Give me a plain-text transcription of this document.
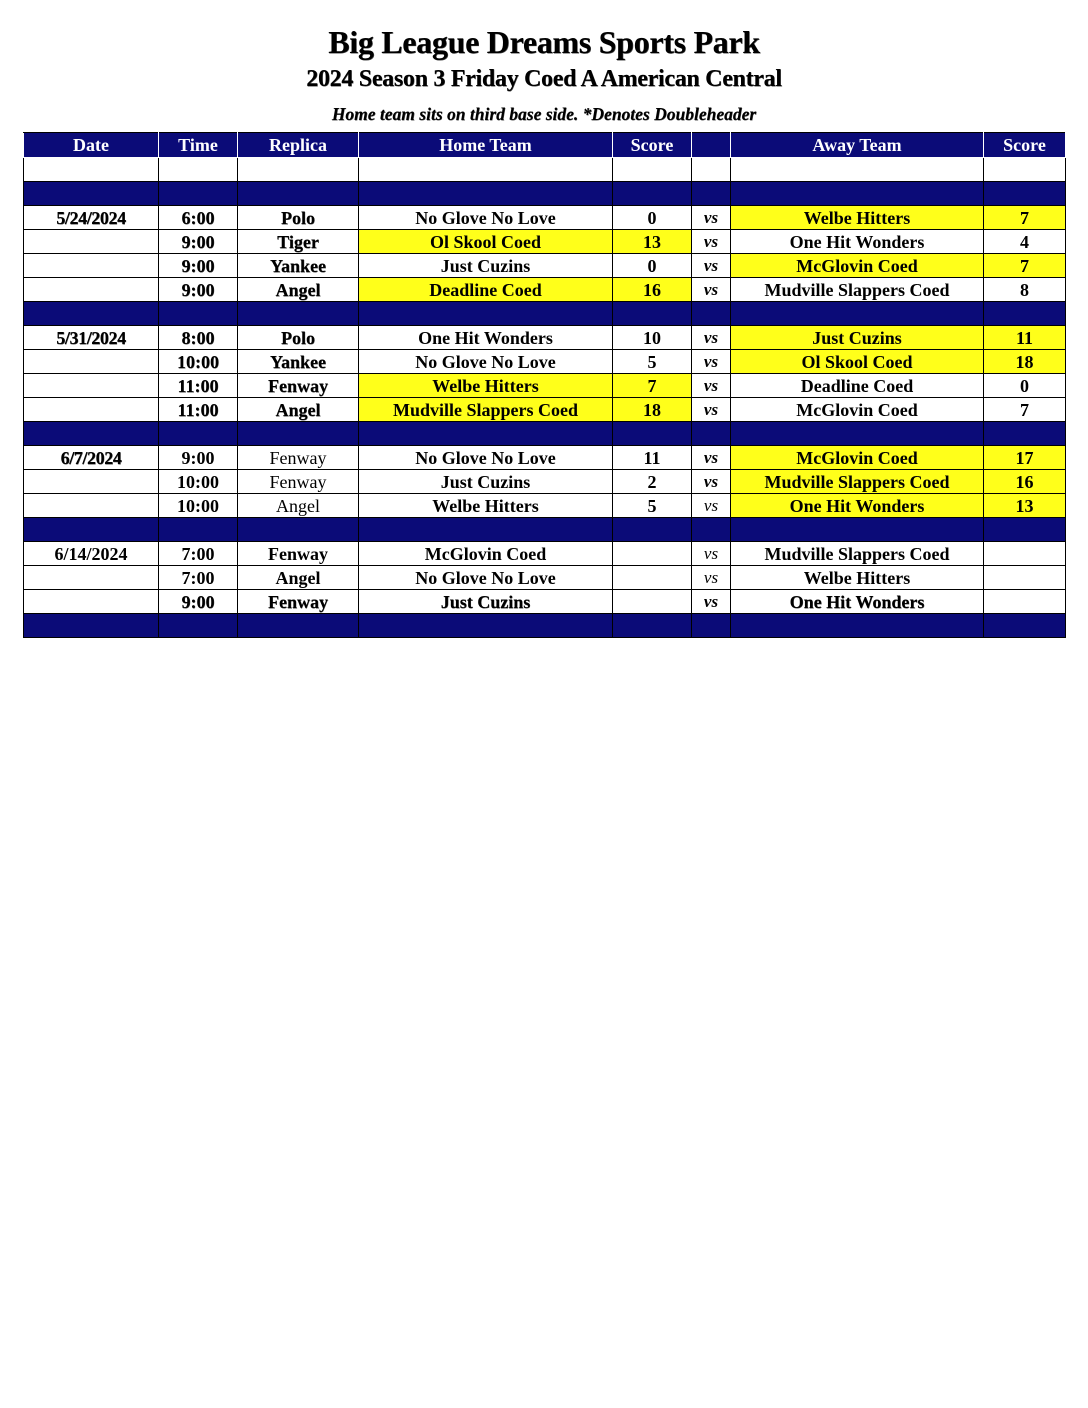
Big League Dreams Sports Park
2024 Season 3 Friday Coed A American Central
Home team sits on third base side. *Denotes Doubleheader
Date	Time	Replica	Home Team	Score		Away Team	Score

5/24/2024	6:00	Polo	No Glove No Love	0	vs	Welbe Hitters	7
	9:00	Tiger	Ol Skool Coed	13	vs	One Hit Wonders	4
	9:00	Yankee	Just Cuzins	0	vs	McGlovin Coed	7
	9:00	Angel	Deadline Coed	16	vs	Mudville Slappers Coed	8

5/31/2024	8:00	Polo	One Hit Wonders	10	vs	Just Cuzins	11
	10:00	Yankee	No Glove No Love	5	vs	Ol Skool Coed	18
	11:00	Fenway	Welbe Hitters	7	vs	Deadline Coed	0
	11:00	Angel	Mudville Slappers Coed	18	vs	McGlovin Coed	7

6/7/2024	9:00	Fenway	No Glove No Love	11	vs	McGlovin Coed	17
	10:00	Fenway	Just Cuzins	2	vs	Mudville Slappers Coed	16
	10:00	Angel	Welbe Hitters	5	vs	One Hit Wonders	13

6/14/2024	7:00	Fenway	McGlovin Coed		vs	Mudville Slappers Coed	
	7:00	Angel	No Glove No Love		vs	Welbe Hitters	
	9:00	Fenway	Just Cuzins		vs	One Hit Wonders	
